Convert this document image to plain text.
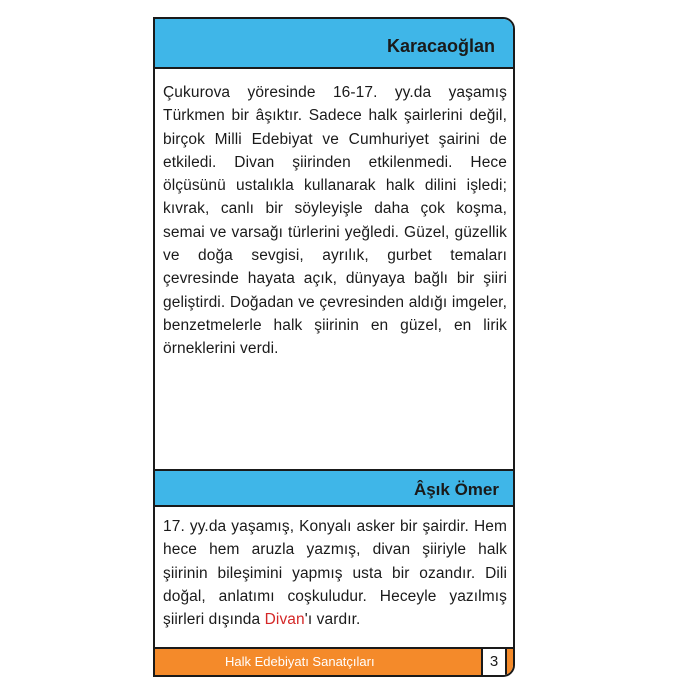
Karacaoğlan
Çukurova yöresinde 16-17. yy.da yaşamış Türkmen bir âşıktır. Sadece halk şairlerini değil, birçok Milli Edebiyat ve Cumhuriyet şairini de etkiledi. Divan şiirinden etkilenmedi. Hece ölçüsünü ustalıkla kullanarak halk dilini işledi; kıvrak, canlı bir söyleyişle daha çok koşma, semai ve varsağı türlerini yeğledi. Güzel, güzellik ve doğa sevgisi, ayrılık, gurbet temaları çevresinde hayata açık, dünyaya bağlı bir şiiri geliştirdi. Doğadan ve çevresinden aldığı imgeler, benzetmelerle halk şiirinin en güzel, en lirik örneklerini verdi.
Âşık Ömer
17. yy.da yaşamış, Konyalı asker bir şairdir. Hem hece hem aruzla yazmış, divan şiiriyle halk şiirinin bileşimini yapmış usta bir ozandır. Dili doğal, anlatımı coşkuludur. Heceyle yazılmış şiirleri dışında Divan'ı vardır.
Halk Edebiyatı Sanatçıları	3
